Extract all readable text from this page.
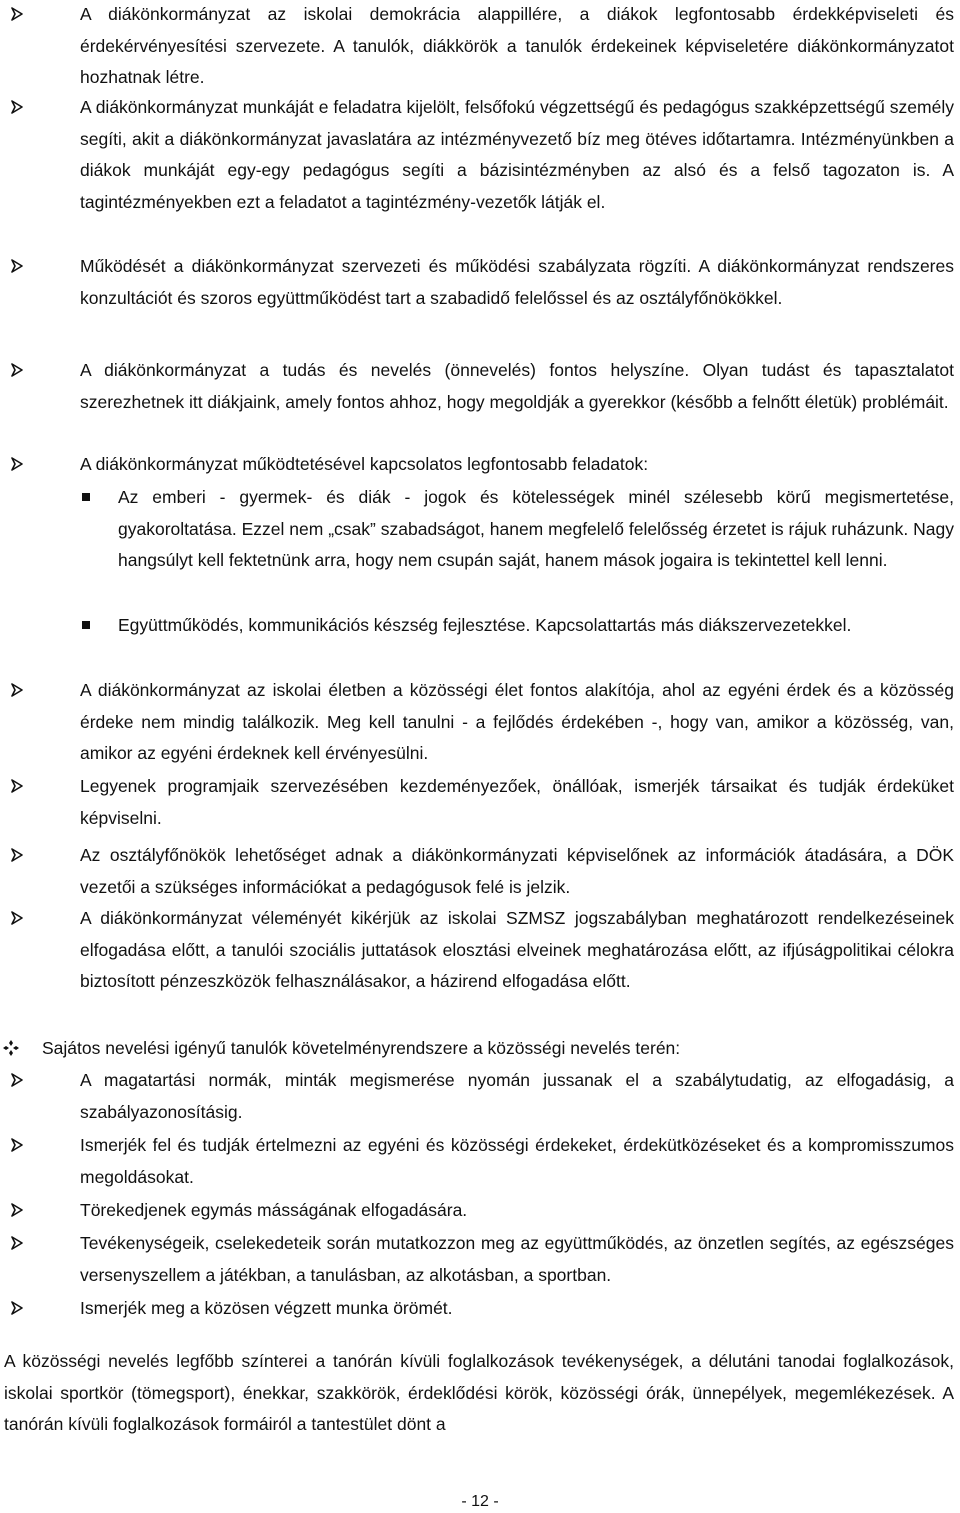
A diákönkormányzat az iskolai demokrácia alappillére, a diákok legfontosabb érdekképviseleti és érdekérvényesítési szervezete. A tanulók, diákkörök a tanulók érdekeinek képviseletére diákönkormányzatot hozhatnak létre.
A diákönkormányzat munkáját e feladatra kijelölt, felsőfokú végzettségű és pedagógus szakképzettségű személy segíti, akit a diákönkormányzat javaslatára az intézményvezető bíz meg ötéves időtartamra. Intézményünkben a diákok munkáját egy-egy pedagógus segíti a bázisintézményben az alsó és a felső tagozaton is. A tagintézményekben ezt a feladatot a tagintézmény-vezetők látják el.
Működését a diákönkormányzat szervezeti és működési szabályzata rögzíti. A diákönkormányzat rendszeres konzultációt és szoros együttműködést tart a szabadidő felelőssel és az osztályfőnökökkel.
A diákönkormányzat a tudás és nevelés (önnevelés) fontos helyszíne. Olyan tudást és tapasztalatot szerezhetnek itt diákjaink, amely fontos ahhoz, hogy megoldják a gyerekkor (később a felnőtt életük) problémáit.
A diákönkormányzat működtetésével kapcsolatos legfontosabb feladatok:
Az emberi - gyermek- és diák - jogok és kötelességek minél szélesebb körű megismertetése, gyakoroltatása. Ezzel nem „csak” szabadságot, hanem megfelelő felelősség érzetet is rájuk ruházunk. Nagy hangsúlyt kell fektetnünk arra, hogy nem csupán saját, hanem mások jogaira is tekintettel kell lenni.
Együttműködés, kommunikációs készség fejlesztése. Kapcsolattartás más diákszervezetekkel.
A diákönkormányzat az iskolai életben a közösségi élet fontos alakítója, ahol az egyéni érdek és a közösség érdeke nem mindig találkozik. Meg kell tanulni - a fejlődés érdekében -, hogy van, amikor a közösség, van, amikor az egyéni érdeknek kell érvényesülni.
Legyenek programjaik szervezésében kezdeményezőek, önállóak, ismerjék társaikat és tudják érdeküket képviselni.
Az osztályfőnökök lehetőséget adnak a diákönkormányzati képviselőnek az információk átadására, a DÖK vezetői a szükséges információkat a pedagógusok felé is jelzik.
A diákönkormányzat véleményét kikérjük az iskolai SZMSZ jogszabályban meghatározott rendelkezéseinek elfogadása előtt, a tanulói szociális juttatások elosztási elveinek meghatározása előtt, az ifjúságpolitikai célokra biztosított pénzeszközök felhasználásakor, a házirend elfogadása előtt.
Sajátos nevelési igényű tanulók követelményrendszere a közösségi nevelés terén:
A magatartási normák, minták megismerése nyomán jussanak el a szabálytudatig, az elfogadásig, a szabályazonosításig.
Ismerjék fel és tudják értelmezni az egyéni és közösségi érdekeket, érdekütközéseket és a kompromisszumos megoldásokat.
Törekedjenek egymás másságának elfogadására.
Tevékenységeik, cselekedeteik során mutatkozzon meg az együttműködés, az önzetlen segítés, az egészséges versenyszellem a játékban, a tanulásban, az alkotásban, a sportban.
Ismerjék meg a közösen végzett munka örömét.
A közösségi nevelés legfőbb színterei a tanórán kívüli foglalkozások tevékenységek, a délutáni tanodai foglalkozások, iskolai sportkör (tömegsport), énekkar, szakkörök, érdeklődési körök, közösségi órák, ünnepélyek, megemlékezések. A tanórán kívüli foglalkozások formáiról a tantestület dönt a
- 12 -
